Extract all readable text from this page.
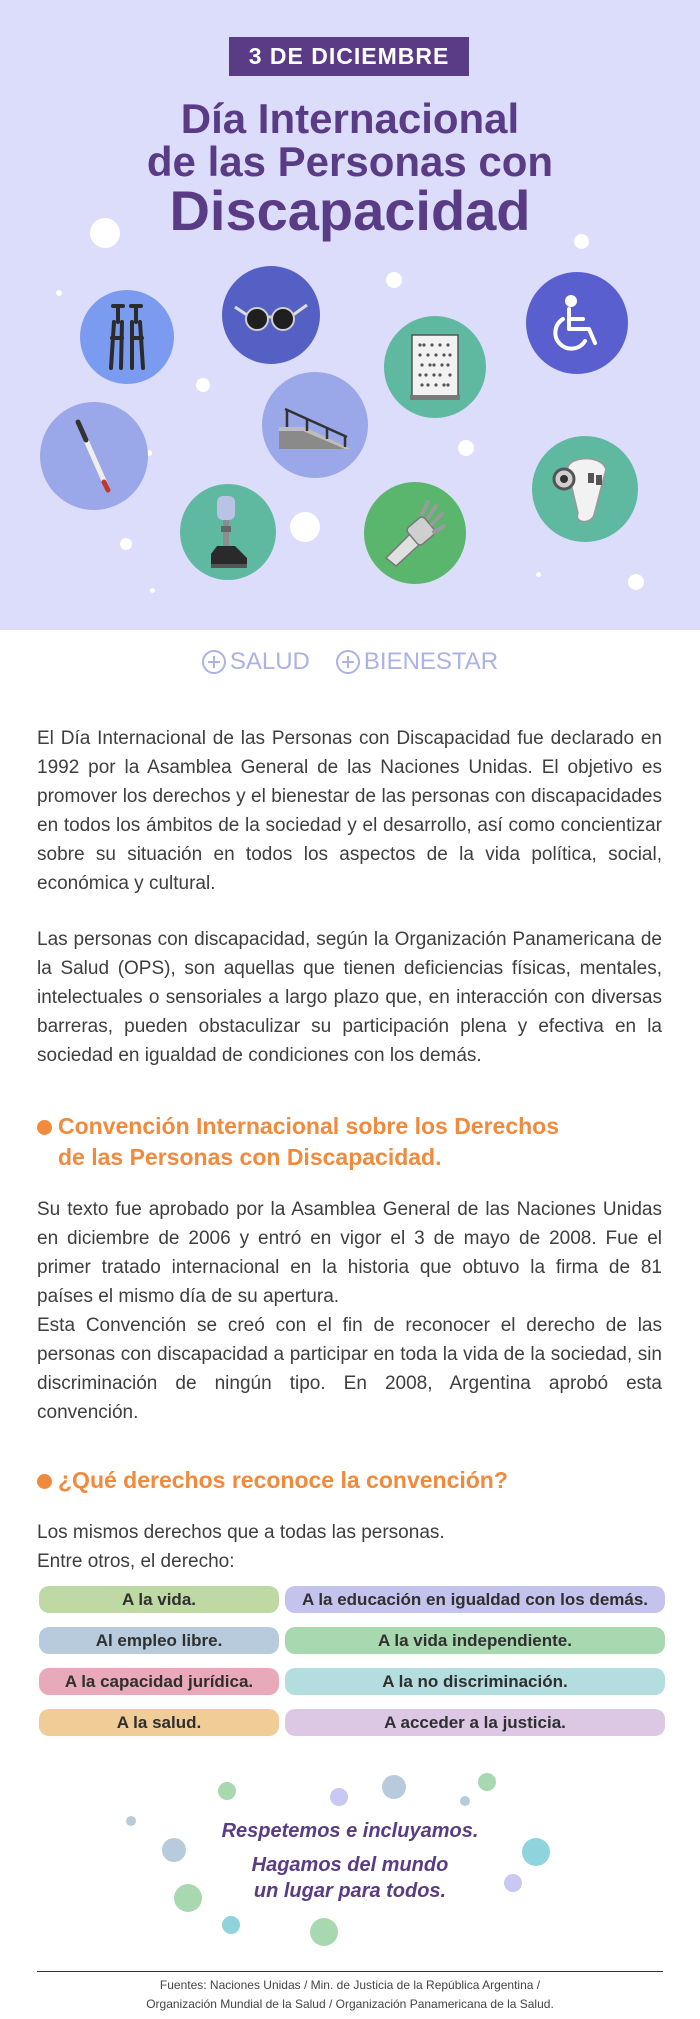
3 DE DICIEMBRE
Día Internacional
de las Personas con
Discapacidad
SALUD BIENESTAR

El Día Internacional de las Personas con Discapacidad fue declarado en 1992 por la Asamblea General de las Naciones Unidas. El objetivo es promover los derechos y el bienestar de las personas con discapacidades en todos los ámbitos de la sociedad y el desarrollo, así como concientizar sobre su situación en todos los aspectos de la vida política, social, económica y cultural.

Las personas con discapacidad, según la Organización Panamericana de la Salud (OPS), son aquellas que tienen deficiencias físicas, mentales, intelectuales o sensoriales a largo plazo que, en interacción con diversas barreras, pueden obstaculizar su participación plena y efectiva en la sociedad en igualdad de condiciones con los demás.

Convención Internacional sobre los Derechos
de las Personas con Discapacidad.

Su texto fue aprobado por la Asamblea General de las Naciones Unidas en diciembre de 2006 y entró en vigor el 3 de mayo de 2008. Fue el primer tratado internacional en la historia que obtuvo la firma de 81 países el mismo día de su apertura.

Esta Convención se creó con el fin de reconocer el derecho de las personas con discapacidad a participar en toda la vida de la sociedad, sin discriminación de ningún tipo. En 2008, Argentina aprobó esta convención.

¿Qué derechos reconoce la convención?

Los mismos derechos que a todas las personas.

Entre otros, el derecho:

A la vida.	A la educación en igualdad con los demás.
Al empleo libre.	A la vida independiente.
A la capacidad jurídica.	A la no discriminación.
A la salud.	A acceder a la justicia.
Respetemos e incluyamos.
Hagamos del mundo
un lugar para todos.
Fuentes: Naciones Unidas / Min. de Justicia de la República Argentina /
Organización Mundial de la Salud / Organización Panamericana de la Salud.
